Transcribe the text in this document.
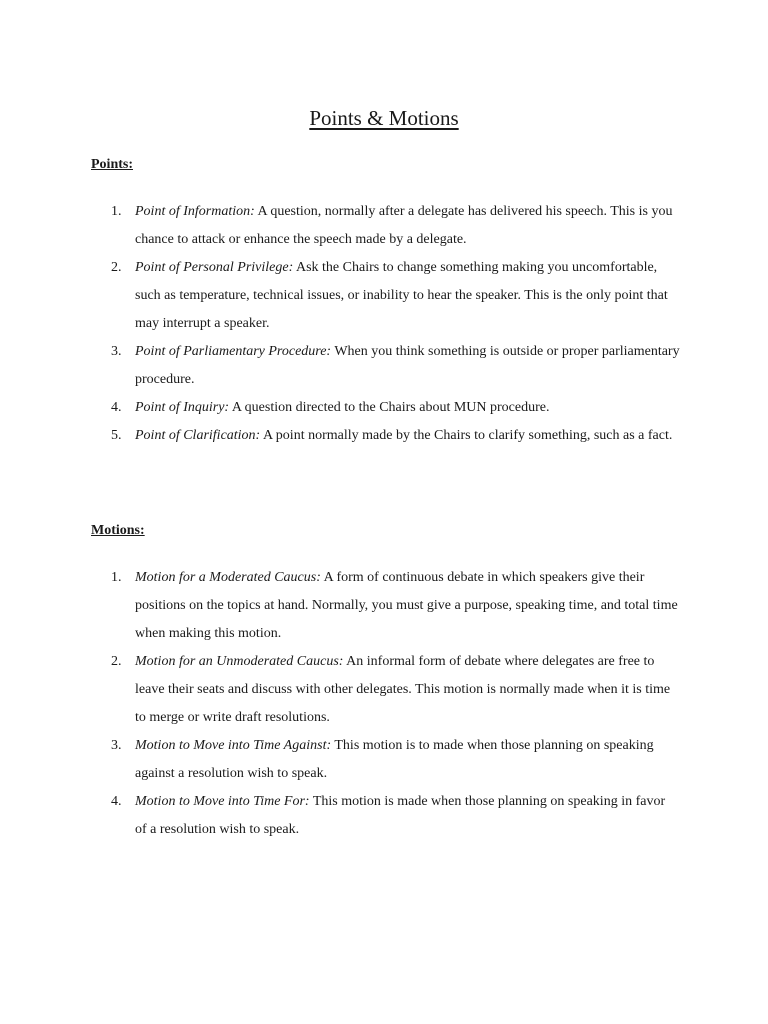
Points & Motions
Points:
1. Point of Information: A question, normally after a delegate has delivered his speech. This is you chance to attack or enhance the speech made by a delegate.
2. Point of Personal Privilege: Ask the Chairs to change something making you uncomfortable, such as temperature, technical issues, or inability to hear the speaker. This is the only point that may interrupt a speaker.
3. Point of Parliamentary Procedure: When you think something is outside or proper parliamentary procedure.
4. Point of Inquiry: A question directed to the Chairs about MUN procedure.
5. Point of Clarification: A point normally made by the Chairs to clarify something, such as a fact.
Motions:
1. Motion for a Moderated Caucus: A form of continuous debate in which speakers give their positions on the topics at hand. Normally, you must give a purpose, speaking time, and total time when making this motion.
2. Motion for an Unmoderated Caucus: An informal form of debate where delegates are free to leave their seats and discuss with other delegates. This motion is normally made when it is time to merge or write draft resolutions.
3. Motion to Move into Time Against: This motion is to made when those planning on speaking against a resolution wish to speak.
4. Motion to Move into Time For: This motion is made when those planning on speaking in favor of a resolution wish to speak.
